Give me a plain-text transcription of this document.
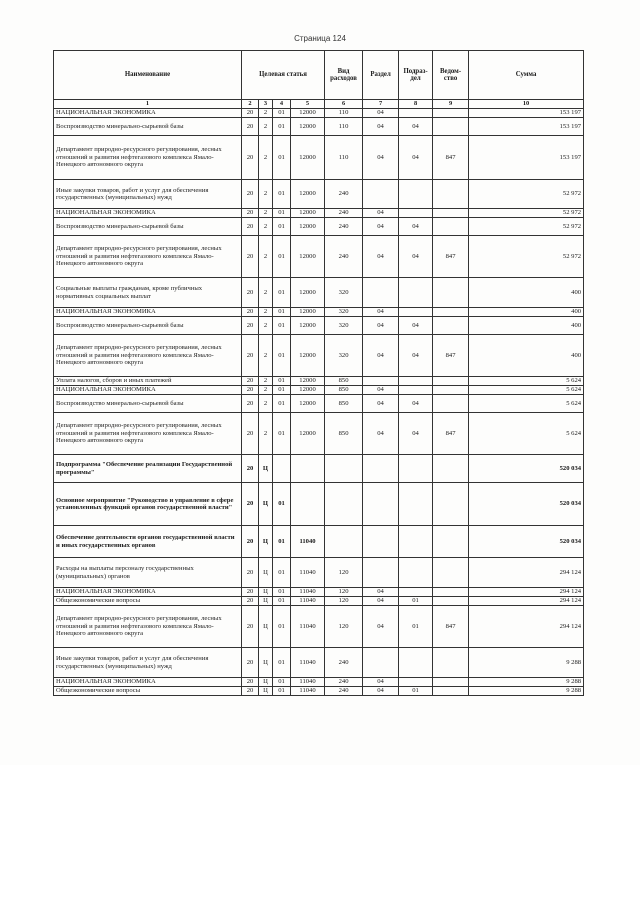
Страница 124
Наименование	Целевая статья				Вид расходов	Раздел	Подраз-дел	Ведом-ство	Сумма
1	2	3	4	5	6	7	8	9	10
НАЦИОНАЛЬНАЯ ЭКОНОМИКА	20	2	01	12000	110	04			153 197
Воспроизводство минерально-сырьевой базы	20	2	01	12000	110	04	04		153 197
Департамент природно-ресурсного регулирования, лесных отношений и развития нефтегазового комплекса Ямало-Ненецкого автономного округа	20	2	01	12000	110	04	04	847	153 197
Иные закупки товаров, работ и услуг для обеспечения государственных (муниципальных) нужд	20	2	01	12000	240				52 972
НАЦИОНАЛЬНАЯ ЭКОНОМИКА	20	2	01	12000	240	04			52 972
Воспроизводство минерально-сырьевой базы	20	2	01	12000	240	04	04		52 972
Департамент природно-ресурсного регулирования, лесных отношений и развития нефтегазового комплекса Ямало-Ненецкого автономного округа	20	2	01	12000	240	04	04	847	52 972
Социальные выплаты гражданам, кроме публичных нормативных социальных выплат	20	2	01	12000	320				400
НАЦИОНАЛЬНАЯ ЭКОНОМИКА	20	2	01	12000	320	04			400
Воспроизводство минерально-сырьевой базы	20	2	01	12000	320	04	04		400
Департамент природно-ресурсного регулирования, лесных отношений и развития нефтегазового комплекса Ямало-Ненецкого автономного округа	20	2	01	12000	320	04	04	847	400
Уплата налогов, сборов и иных платежей	20	2	01	12000	850				5 624
НАЦИОНАЛЬНАЯ ЭКОНОМИКА	20	2	01	12000	850	04			5 624
Воспроизводство минерально-сырьевой базы	20	2	01	12000	850	04	04		5 624
Департамент природно-ресурсного регулирования, лесных отношений и развития нефтегазового комплекса Ямало-Ненецкого автономного округа	20	2	01	12000	850	04	04	847	5 624
Подпрограмма "Обеспечение реализации Государственной программы"	20	Ц							520 034
Основное мероприятие "Руководство и управление в сфере установленных функций органов государственной власти"	20	Ц	01						520 034
Обеспечение деятельности органов государственной власти и иных государственных органов	20	Ц	01	11040					520 034
Расходы на выплаты персоналу государственных (муниципальных) органов	20	Ц	01	11040	120				294 124
НАЦИОНАЛЬНАЯ ЭКОНОМИКА	20	Ц	01	11040	120	04			294 124
Общеэкономические вопросы	20	Ц	01	11040	120	04	01		294 124
Департамент природно-ресурсного регулирования, лесных отношений и развития нефтегазового комплекса Ямало-Ненецкого автономного округа	20	Ц	01	11040	120	04	01	847	294 124
Иные закупки товаров, работ и услуг для обеспечения государственных (муниципальных) нужд	20	Ц	01	11040	240				9 288
НАЦИОНАЛЬНАЯ ЭКОНОМИКА	20	Ц	01	11040	240	04			9 288
Общеэкономические вопросы	20	Ц	01	11040	240	04	01		9 288
